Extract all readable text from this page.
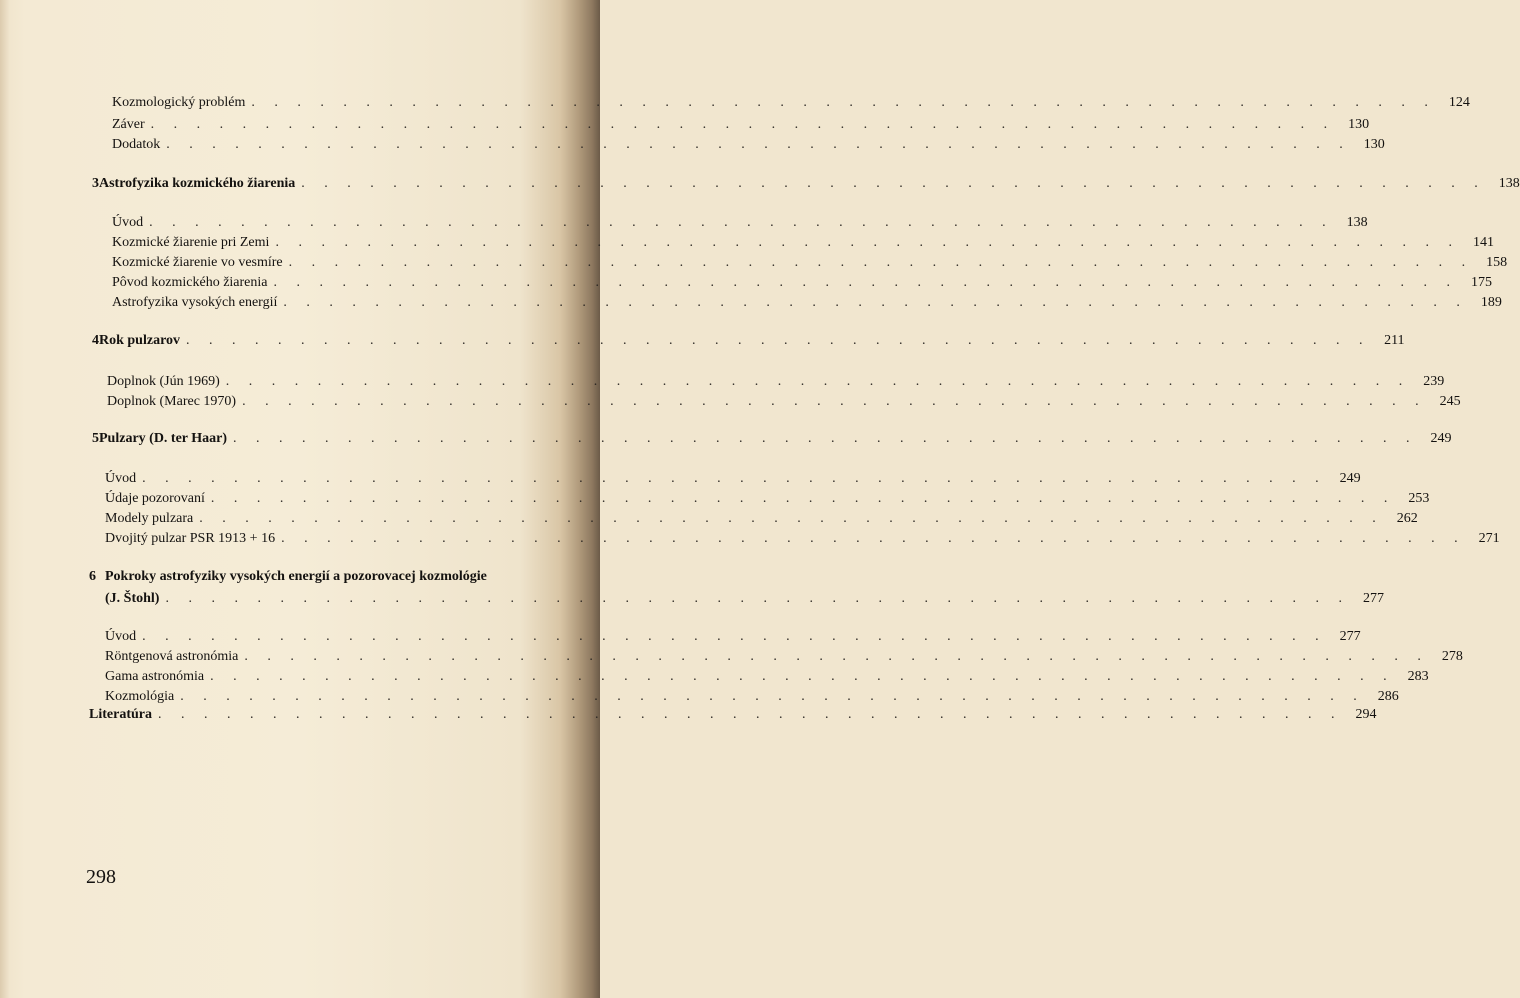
Kozmologický problém . . . . . . . . . . . . . . . . . . . . . . . . . . . . . . . . . . . . . . . . . . . . . . . . . . . . 124
Záver . . . . . . . . . . . . . . . . . . . . . . . . . . . . . . . . . . . . . . . . . . . . . . . . . . . . 130
Dodatok . . . . . . . . . . . . . . . . . . . . . . . . . . . . . . . . . . . . . . . . . . . . . . . . . . . . 130
3 Astrofyzika kozmického žiarenia . . . . . . . . . . . . . . . . . . . . . . . . . . . . . . . . . . . . . . . . . . . . . . . . . . . . 138
Úvod . . . . . . . . . . . . . . . . . . . . . . . . . . . . . . . . . . . . . . . . . . . . . . . . . . . . 138
Kozmické žiarenie pri Zemi . . . . . . . . . . . . . . . . . . . . . . . . . . . . . . . . . . . . . . . . . . . . . . . . . . . . 141
Kozmické žiarenie vo vesmíre . . . . . . . . . . . . . . . . . . . . . . . . . . . . . . . . . . . . . . . . . . . . . . . . . . . . 158
Pôvod kozmického žiarenia . . . . . . . . . . . . . . . . . . . . . . . . . . . . . . . . . . . . . . . . . . . . . . . . . . . . 175
Astrofyzika vysokých energií . . . . . . . . . . . . . . . . . . . . . . . . . . . . . . . . . . . . . . . . . . . . . . . . . . . . 189
4 Rok pulzarov . . . . . . . . . . . . . . . . . . . . . . . . . . . . . . . . . . . . . . . . . . . . . . . . . . . . 211
Doplnok (Jún 1969) . . . . . . . . . . . . . . . . . . . . . . . . . . . . . . . . . . . . . . . . . . . . . . . . . . . . 239
Doplnok (Marec 1970) . . . . . . . . . . . . . . . . . . . . . . . . . . . . . . . . . . . . . . . . . . . . . . . . . . . . 245
5 Pulzary (D. ter Haar) . . . . . . . . . . . . . . . . . . . . . . . . . . . . . . . . . . . . . . . . . . . . . . . . . . . . 249
Úvod . . . . . . . . . . . . . . . . . . . . . . . . . . . . . . . . . . . . . . . . . . . . . . . . . . . . 249
Údaje pozorovaní . . . . . . . . . . . . . . . . . . . . . . . . . . . . . . . . . . . . . . . . . . . . . . . . . . . . 253
Modely pulzara . . . . . . . . . . . . . . . . . . . . . . . . . . . . . . . . . . . . . . . . . . . . . . . . . . . . 262
Dvojitý pulzar PSR 1913 + 16 . . . . . . . . . . . . . . . . . . . . . . . . . . . . . . . . . . . . . . . . . . . . . . . . . . . . 271
6 Pokroky astrofyziky vysokých energií a pozorovacej kozmológie
(J. Štohl) . . . . . . . . . . . . . . . . . . . . . . . . . . . . . . . . . . . . . . . . . . . . . . . . . . . . 277
Úvod . . . . . . . . . . . . . . . . . . . . . . . . . . . . . . . . . . . . . . . . . . . . . . . . . . . . 277
Röntgenová astronómia . . . . . . . . . . . . . . . . . . . . . . . . . . . . . . . . . . . . . . . . . . . . . . . . . . . . 278
Gama astronómia . . . . . . . . . . . . . . . . . . . . . . . . . . . . . . . . . . . . . . . . . . . . . . . . . . . . 283
Kozmológia . . . . . . . . . . . . . . . . . . . . . . . . . . . . . . . . . . . . . . . . . . . . . . . . . . . . 286
Literatúra . . . . . . . . . . . . . . . . . . . . . . . . . . . . . . . . . . . . . . . . . . . . . . . . . . . . 294
298
